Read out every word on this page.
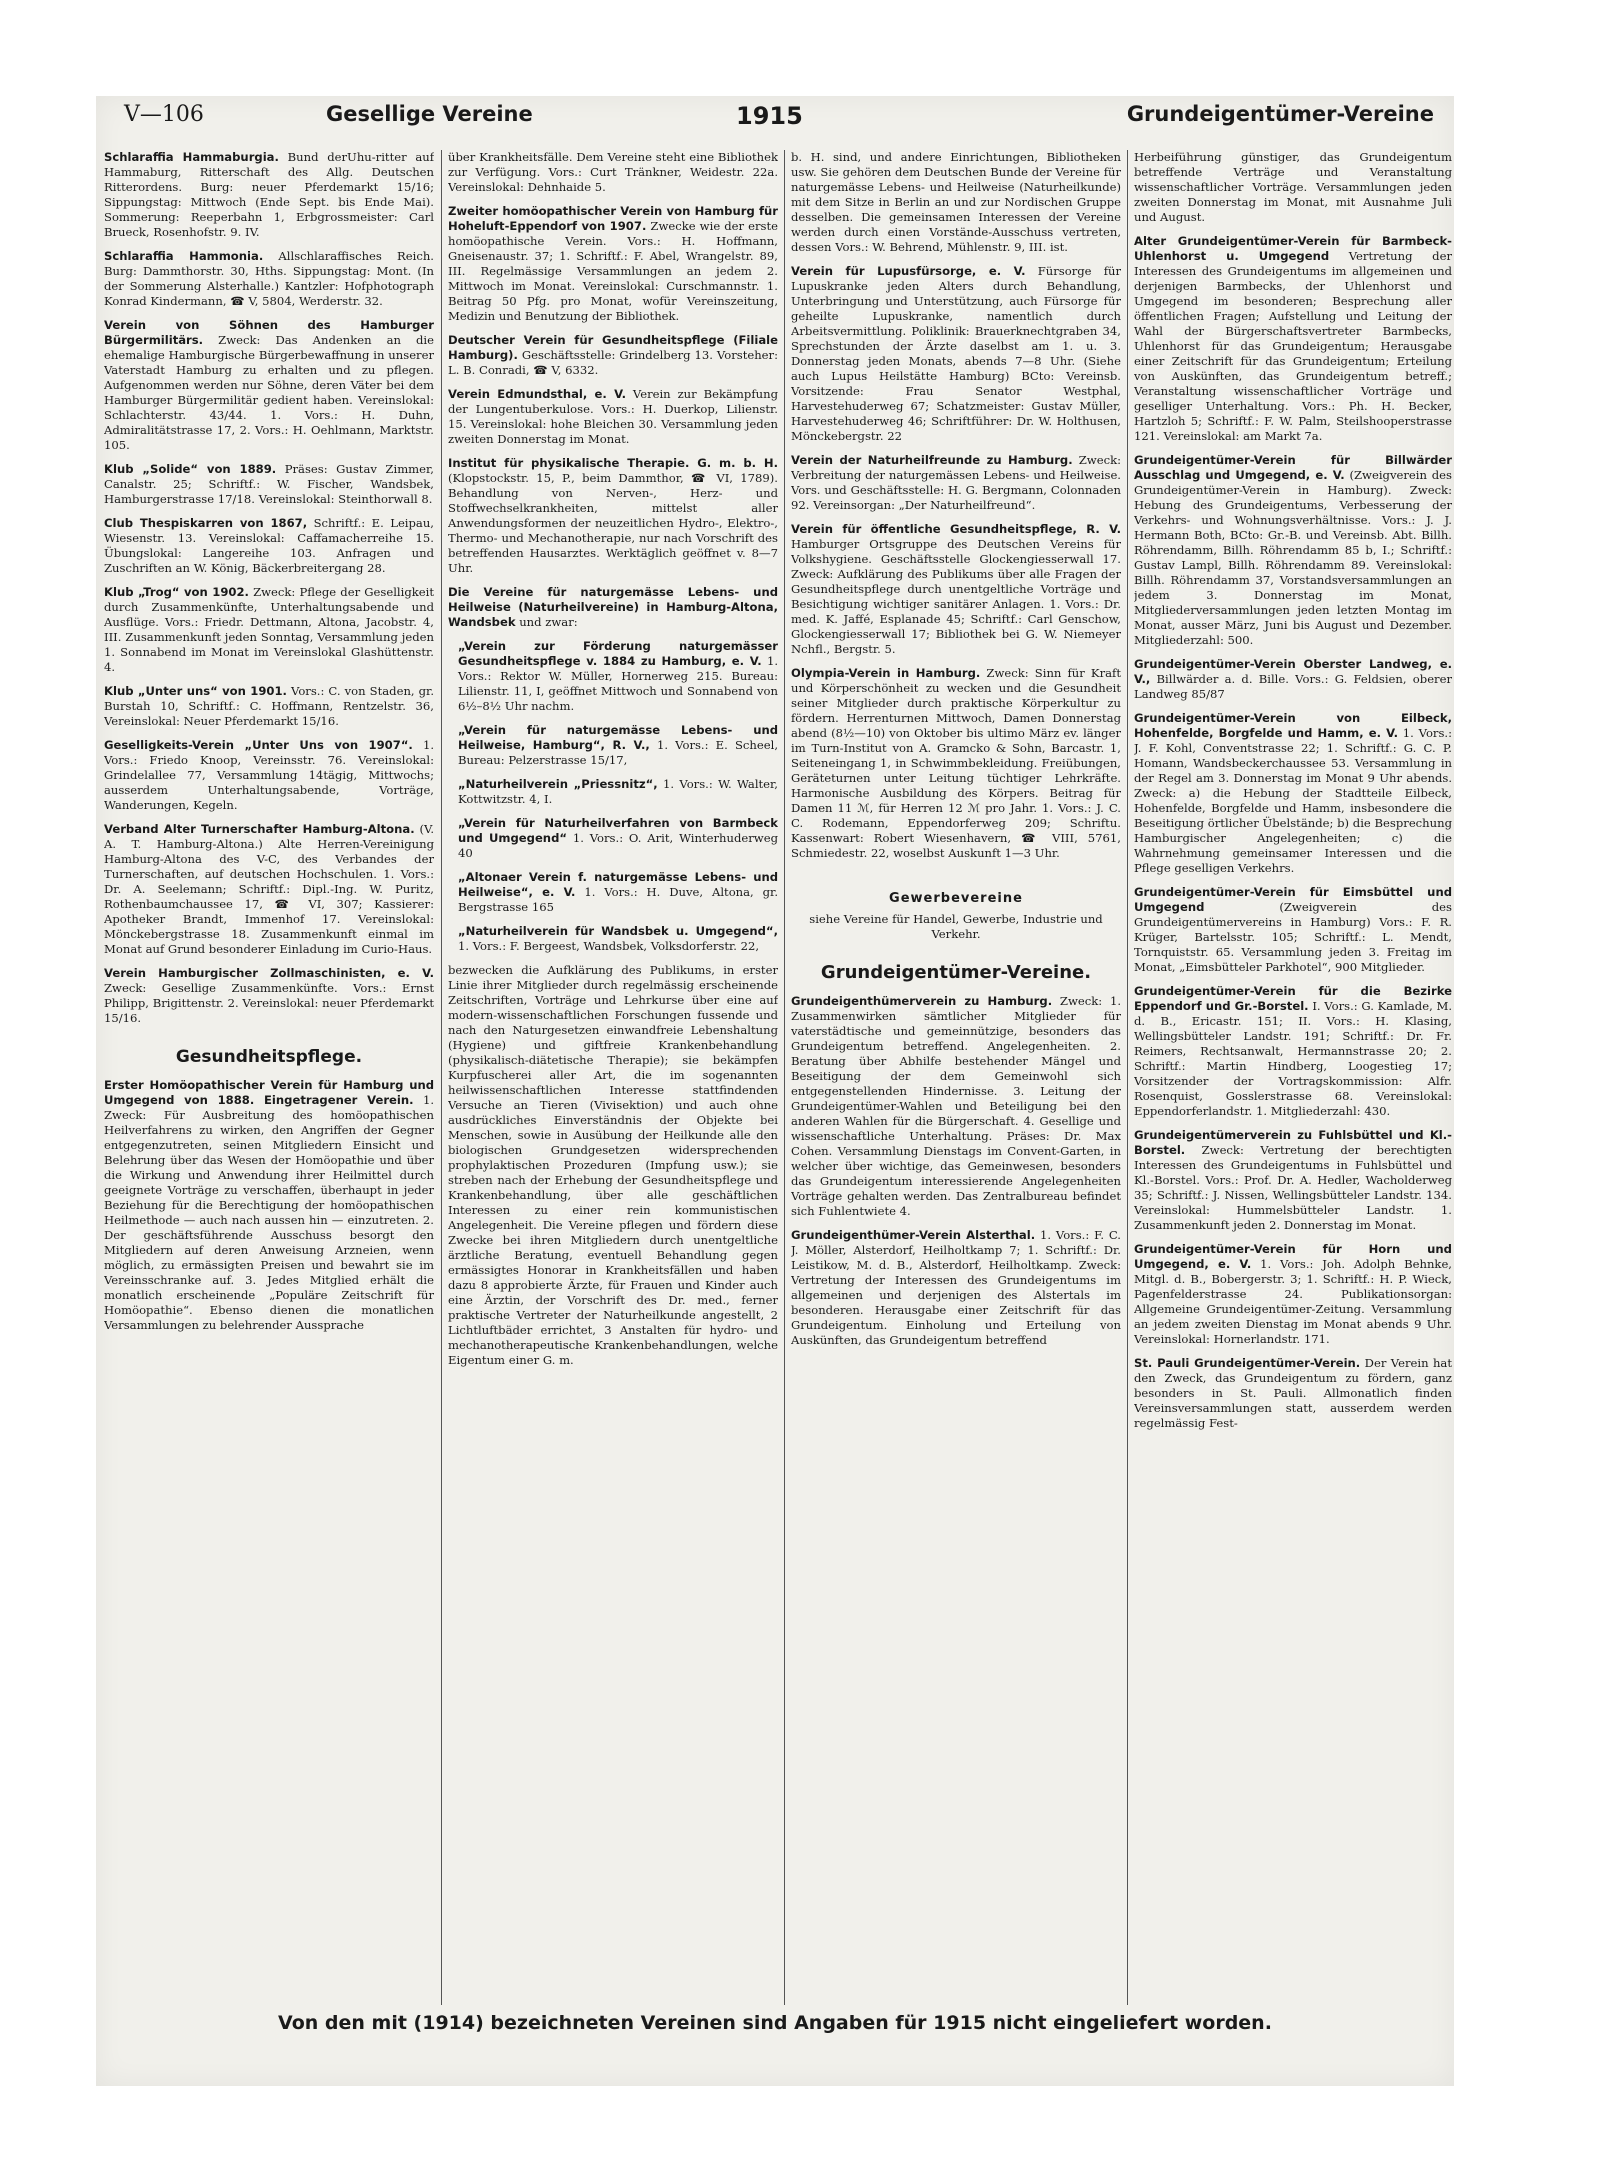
V—106	Gesellige Vereine	1915	Grundeigentümer-Vereine
Schlaraffia Hammaburgia. Bund derUhu-ritter auf Hammaburg, Ritterschaft des Allg. Deutschen Ritterordens. Burg: neuer Pferdemarkt 15/16; Sippungstag: Mittwoch (Ende Sept. bis Ende Mai). Sommerung: Reeperbahn 1, Erbgrossmeister: Carl Brueck, Rosenhofstr. 9. IV.
Schlaraffia Hammonia. Allschlaraffisches Reich. Burg: Dammthorstr. 30, Hths. Sippungstag: Mont. (In der Sommerung Alsterhalle.) Kantzler: Hofphotograph Konrad Kindermann, ☎ V, 5804, Werderstr. 32.
Verein von Söhnen des Hamburger Bürgermilitärs. Zweck: Das Andenken an die ehemalige Hamburgische Bürgerbewaffnung in unserer Vaterstadt Hamburg zu erhalten und zu pflegen. Aufgenommen werden nur Söhne, deren Väter bei dem Hamburger Bürgermilitär gedient haben. Vereinslokal: Schlachterstr. 43/44. 1. Vors.: H. Duhn, Admiralitätstrasse 17, 2. Vors.: H. Oehlmann, Marktstr. 105.
Klub „Solide“ von 1889. Präses: Gustav Zimmer, Canalstr. 25; Schriftf.: W. Fischer, Wandsbek, Hamburgerstrasse 17/18. Vereinslokal: Steinthorwall 8.
Club Thespiskarren von 1867, Schriftf.: E. Leipau, Wiesenstr. 13. Vereinslokal: Caffamacherreihe 15. Übungslokal: Langereihe 103. Anfragen und Zuschriften an W. König, Bäckerbreitergang 28.
Klub „Trog“ von 1902. Zweck: Pflege der Geselligkeit durch Zusammenkünfte, Unterhaltungsabende und Ausflüge. Vors.: Friedr. Dettmann, Altona, Jacobstr. 4, III. Zusammenkunft jeden Sonntag, Versammlung jeden 1. Sonnabend im Monat im Vereinslokal Glashüttenstr. 4.
Klub „Unter uns“ von 1901. Vors.: C. von Staden, gr. Burstah 10, Schriftf.: C. Hoffmann, Rentzelstr. 36, Vereinslokal: Neuer Pferdemarkt 15/16.
Geselligkeits-Verein „Unter Uns von 1907“. 1. Vors.: Friedo Knoop, Vereinsstr. 76. Vereinslokal: Grindelallee 77, Versammlung 14tägig, Mittwochs; ausserdem Unterhaltungsabende, Vorträge, Wanderungen, Kegeln.
Verband Alter Turnerschafter Hamburg-Altona. (V. A. T. Hamburg-Altona.) Alte Herren-Vereinigung Hamburg-Altona des V-C, des Verbandes der Turnerschaften, auf deutschen Hochschulen. 1. Vors.: Dr. A. Seelemann; Schriftf.: Dipl.-Ing. W. Puritz, Rothenbaumchaussee 17, ☎ VI, 307; Kassierer: Apotheker Brandt, Immenhof 17. Vereinslokal: Mönckebergstrasse 18. Zusammenkunft einmal im Monat auf Grund besonderer Einladung im Curio-Haus.
Verein Hamburgischer Zollmaschinisten, e. V. Zweck: Gesellige Zusammenkünfte. Vors.: Ernst Philipp, Brigittenstr. 2. Vereinslokal: neuer Pferdemarkt 15/16.
Gesundheitspflege.
Erster Homöopathischer Verein für Hamburg und Umgegend von 1888. Eingetragener Verein. 1. Zweck: Für Ausbreitung des homöopathischen Heilverfahrens zu wirken, den Angriffen der Gegner entgegenzutreten, seinen Mitgliedern Einsicht und Belehrung über das Wesen der Homöopathie und über die Wirkung und Anwendung ihrer Heilmittel durch geeignete Vorträge zu verschaffen, überhaupt in jeder Beziehung für die Berechtigung der homöopathischen Heilmethode — auch nach aussen hin — einzutreten. 2. Der geschäftsführende Ausschuss besorgt den Mitgliedern auf deren Anweisung Arzneien, wenn möglich, zu ermässigten Preisen und bewahrt sie im Vereinsschranke auf. 3. Jedes Mitglied erhält die monatlich erscheinende „Populäre Zeitschrift für Homöopathie“. Ebenso dienen die monatlichen Versammlungen zu belehrender Aussprache
über Krankheitsfälle. Dem Vereine steht eine Bibliothek zur Verfügung. Vors.: Curt Tränkner, Weidestr. 22a. Vereinslokal: Dehnhaide 5.
Zweiter homöopathischer Verein von Hamburg für Hoheluft-Eppendorf von 1907. Zwecke wie der erste homöopathische Verein. Vors.: H. Hoffmann, Gneisenaustr. 37; 1. Schriftf.: F. Abel, Wrangelstr. 89, III. Regelmässige Versammlungen an jedem 2. Mittwoch im Monat. Vereinslokal: Curschmannstr. 1. Beitrag 50 Pfg. pro Monat, wofür Vereinszeitung, Medizin und Benutzung der Bibliothek.
Deutscher Verein für Gesundheitspflege (Filiale Hamburg). Geschäftsstelle: Grindelberg 13. Vorsteher: L. B. Conradi, ☎ V, 6332.
Verein Edmundsthal, e. V. Verein zur Bekämpfung der Lungentuberkulose. Vors.: H. Duerkop, Lilienstr. 15. Vereinslokal: hohe Bleichen 30. Versammlung jeden zweiten Donnerstag im Monat.
Institut für physikalische Therapie. G. m. b. H. (Klopstockstr. 15, P., beim Dammthor, ☎ VI, 1789). Behandlung von Nerven-, Herz- und Stoffwechselkrankheiten, mittelst aller Anwendungsformen der neuzeitlichen Hydro-, Elektro-, Thermo- und Mechanotherapie, nur nach Vorschrift des betreffenden Hausarztes. Werktäglich geöffnet v. 8—7 Uhr.
Die Vereine für naturgemässe Lebens- und Heilweise (Naturheilvereine) in Hamburg-Altona, Wandsbek und zwar:
„Verein zur Förderung naturgemässer Gesundheitspflege v. 1884 zu Hamburg, e. V. 1. Vors.: Rektor W. Müller, Hornerweg 215. Bureau: Lilienstr. 11, I, geöffnet Mittwoch und Sonnabend von 6½–8½ Uhr nachm.
„Verein für naturgemässe Lebens- und Heilweise, Hamburg“, R. V., 1. Vors.: E. Scheel, Bureau: Pelzerstrasse 15/17,
„Naturheilverein „Priessnitz“, 1. Vors.: W. Walter, Kottwitzstr. 4, I.
„Verein für Naturheilverfahren von Barmbeck und Umgegend“ 1. Vors.: O. Arit, Winterhuderweg 40
„Altonaer Verein f. naturgemässe Lebens- und Heilweise“, e. V. 1. Vors.: H. Duve, Altona, gr. Bergstrasse 165
„Naturheilverein für Wandsbek u. Umgegend“, 1. Vors.: F. Bergeest, Wandsbek, Volksdorferstr. 22,
bezwecken die Aufklärung des Publikums, in erster Linie ihrer Mitglieder durch regelmässig erscheinende Zeitschriften, Vorträge und Lehrkurse über eine auf modern-wissenschaftlichen Forschungen fussende und nach den Naturgesetzen einwandfreie Lebenshaltung (Hygiene) und giftfreie Krankenbehandlung (physikalisch-diätetische Therapie); sie bekämpfen Kurpfuscherei aller Art, die im sogenannten heilwissenschaftlichen Interesse stattfindenden Versuche an Tieren (Vivisektion) und auch ohne ausdrückliches Einverständnis der Objekte bei Menschen, sowie in Ausübung der Heilkunde alle den biologischen Grundgesetzen widersprechenden prophylaktischen Prozeduren (Impfung usw.); sie streben nach der Erhebung der Gesundheitspflege und Krankenbehandlung, über alle geschäftlichen Interessen zu einer rein kommunistischen Angelegenheit. Die Vereine pflegen und fördern diese Zwecke bei ihren Mitgliedern durch unentgeltliche ärztliche Beratung, eventuell Behandlung gegen ermässigtes Honorar in Krankheitsfällen und haben dazu 8 approbierte Ärzte, für Frauen und Kinder auch eine Ärztin, der Vorschrift des Dr. med., ferner praktische Vertreter der Naturheilkunde angestellt, 2 Lichtluftbäder errichtet, 3 Anstalten für hydro- und mechanotherapeutische Krankenbehandlungen, welche Eigentum einer G. m.
b. H. sind, und andere Einrichtungen, Bibliotheken usw. Sie gehören dem Deutschen Bunde der Vereine für naturgemässe Lebens- und Heilweise (Naturheilkunde) mit dem Sitze in Berlin an und zur Nordischen Gruppe desselben. Die gemeinsamen Interessen der Vereine werden durch einen Vorstände-Ausschuss vertreten, dessen Vors.: W. Behrend, Mühlenstr. 9, III. ist.
Verein für Lupusfürsorge, e. V. Fürsorge für Lupuskranke jeden Alters durch Behandlung, Unterbringung und Unterstützung, auch Fürsorge für geheilte Lupuskranke, namentlich durch Arbeitsvermittlung. Poliklinik: Brauerknechtgraben 34, Sprechstunden der Ärzte daselbst am 1. u. 3. Donnerstag jeden Monats, abends 7—8 Uhr. (Siehe auch Lupus Heilstätte Hamburg) BCto: Vereinsb. Vorsitzende: Frau Senator Westphal, Harvestehuderweg 67; Schatzmeister: Gustav Müller, Harvestehuderweg 46; Schriftführer: Dr. W. Holthusen, Mönckebergstr. 22
Verein der Naturheilfreunde zu Hamburg. Zweck: Verbreitung der naturgemässen Lebens- und Heilweise. Vors. und Geschäftsstelle: H. G. Bergmann, Colonnaden 92. Vereinsorgan: „Der Naturheilfreund“.
Verein für öffentliche Gesundheitspflege, R. V. Hamburger Ortsgruppe des Deutschen Vereins für Volkshygiene. Geschäftsstelle Glockengiesserwall 17. Zweck: Aufklärung des Publikums über alle Fragen der Gesundheitspflege durch unentgeltliche Vorträge und Besichtigung wichtiger sanitärer Anlagen. 1. Vors.: Dr. med. K. Jaffé, Esplanade 45; Schriftf.: Carl Genschow, Glockengiesserwall 17; Bibliothek bei G. W. Niemeyer Nchfl., Bergstr. 5.
Olympia-Verein in Hamburg. Zweck: Sinn für Kraft und Körperschönheit zu wecken und die Gesundheit seiner Mitglieder durch praktische Körperkultur zu fördern. Herrenturnen Mittwoch, Damen Donnerstag abend (8½—10) von Oktober bis ultimo März ev. länger im Turn-Institut von A. Gramcko & Sohn, Barcastr. 1, Seiteneingang 1, in Schwimmbekleidung. Freiübungen, Geräteturnen unter Leitung tüchtiger Lehrkräfte. Harmonische Ausbildung des Körpers. Beitrag für Damen 11 ℳ, für Herren 12 ℳ pro Jahr. 1. Vors.: J. C. C. Rodemann, Eppendorferweg 209; Schriftu. Kassenwart: Robert Wiesenhavern, ☎ VIII, 5761, Schmiedestr. 22, woselbst Auskunft 1—3 Uhr.
Gewerbevereine
siehe Vereine für Handel, Gewerbe, Industrie und Verkehr.
Grundeigentümer-Vereine.
Grundeigenthümerverein zu Hamburg. Zweck: 1. Zusammenwirken sämtlicher Mitglieder für vaterstädtische und gemeinnützige, besonders das Grundeigentum betreffend. Angelegenheiten. 2. Beratung über Abhilfe bestehender Mängel und Beseitigung der dem Gemeinwohl sich entgegenstellenden Hindernisse. 3. Leitung der Grundeigentümer-Wahlen und Beteiligung bei den anderen Wahlen für die Bürgerschaft. 4. Gesellige und wissenschaftliche Unterhaltung. Präses: Dr. Max Cohen. Versammlung Dienstags im Convent-Garten, in welcher über wichtige, das Gemeinwesen, besonders das Grundeigentum interessierende Angelegenheiten Vorträge gehalten werden. Das Zentralbureau befindet sich Fuhlentwiete 4.
Grundeigenthümer-Verein Alsterthal. 1. Vors.: F. C. J. Möller, Alsterdorf, Heilholtkamp 7; 1. Schriftf.: Dr. Leistikow, M. d. B., Alsterdorf, Heilholtkamp. Zweck: Vertretung der Interessen des Grundeigentums im allgemeinen und derjenigen des Alstertals im besonderen. Herausgabe einer Zeitschrift für das Grundeigentum. Einholung und Erteilung von Auskünften, das Grundeigentum betreffend
Herbeiführung günstiger, das Grundeigentum betreffende Verträge und Veranstaltung wissenschaftlicher Vorträge. Versammlungen jeden zweiten Donnerstag im Monat, mit Ausnahme Juli und August.
Alter Grundeigentümer-Verein für Barmbeck-Uhlenhorst u. Umgegend Vertretung der Interessen des Grundeigentums im allgemeinen und derjenigen Barmbecks, der Uhlenhorst und Umgegend im besonderen; Besprechung aller öffentlichen Fragen; Aufstellung und Leitung der Wahl der Bürgerschaftsvertreter Barmbecks, Uhlenhorst für das Grundeigentum; Herausgabe einer Zeitschrift für das Grundeigentum; Erteilung von Auskünften, das Grundeigentum betreff.; Veranstaltung wissenschaftlicher Vorträge und geselliger Unterhaltung. Vors.: Ph. H. Becker, Hartzloh 5; Schriftf.: F. W. Palm, Steilshooperstrasse 121. Vereinslokal: am Markt 7a.
Grundeigentümer-Verein für Billwärder Ausschlag und Umgegend, e. V. (Zweigverein des Grundeigentümer-Verein in Hamburg). Zweck: Hebung des Grundeigentums, Verbesserung der Verkehrs- und Wohnungsverhältnisse. Vors.: J. J. Hermann Both, BCto: Gr.-B. und Vereinsb. Abt. Billh. Röhrendamm, Billh. Röhrendamm 85 b, I.; Schriftf.: Gustav Lampl, Billh. Röhrendamm 89. Vereinslokal: Billh. Röhrendamm 37, Vorstandsversammlungen an jedem 3. Donnerstag im Monat, Mitgliederversammlungen jeden letzten Montag im Monat, ausser März, Juni bis August und Dezember. Mitgliederzahl: 500.
Grundeigentümer-Verein Oberster Landweg, e. V., Billwärder a. d. Bille. Vors.: G. Feldsien, oberer Landweg 85/87
Grundeigentümer-Verein von Eilbeck, Hohenfelde, Borgfelde und Hamm, e. V. 1. Vors.: J. F. Kohl, Conventstrasse 22; 1. Schriftf.: G. C. P. Homann, Wandsbeckerchaussee 53. Versammlung in der Regel am 3. Donnerstag im Monat 9 Uhr abends. Zweck: a) die Hebung der Stadtteile Eilbeck, Hohenfelde, Borgfelde und Hamm, insbesondere die Beseitigung örtlicher Übelstände; b) die Besprechung Hamburgischer Angelegenheiten; c) die Wahrnehmung gemeinsamer Interessen und die Pflege geselligen Verkehrs.
Grundeigentümer-Verein für Eimsbüttel und Umgegend	(Zweigverein des Grundeigentümervereins in Hamburg) Vors.: F. R. Krüger, Bartelsstr. 105; Schriftf.: L. Mendt, Tornquiststr. 65. Versammlung jeden 3. Freitag im Monat, „Eimsbütteler Parkhotel“, 900 Mitglieder.
Grundeigentümer-Verein für die Bezirke Eppendorf und Gr.-Borstel. I. Vors.: G. Kamlade, M. d. B., Ericastr. 151; II. Vors.: H. Klasing, Wellingsbütteler Landstr. 191; Schriftf.: Dr. Fr. Reimers, Rechtsanwalt, Hermannstrasse 20; 2. Schriftf.: Martin Hindberg, Loogestieg 17; Vorsitzender der Vortragskommission: Alfr. Rosenquist, Gosslerstrasse 68. Vereinslokal: Eppendorferlandstr. 1. Mitgliederzahl: 430.
Grundeigentümerverein zu Fuhlsbüttel und Kl.-Borstel. Zweck: Vertretung der berechtigten Interessen des Grundeigentums in Fuhlsbüttel und Kl.-Borstel. Vors.: Prof. Dr. A. Hedler, Wacholderweg 35; Schriftf.: J. Nissen, Wellingsbütteler Landstr. 134. Vereinslokal: Hummelsbütteler Landstr. 1. Zusammenkunft jeden 2. Donnerstag im Monat.
Grundeigentümer-Verein für Horn und Umgegend, e. V. 1. Vors.: Joh. Adolph Behnke, Mitgl. d. B., Bobergerstr. 3; 1. Schriftf.: H. P. Wieck, Pagenfelderstrasse 24. Publikationsorgan: Allgemeine Grundeigentümer-Zeitung. Versammlung an jedem zweiten Dienstag im Monat abends 9 Uhr. Vereinslokal: Hornerlandstr. 171.
St. Pauli Grundeigentümer-Verein. Der Verein hat den Zweck, das Grundeigentum zu fördern, ganz besonders in St. Pauli. Allmonatlich finden Vereinsversammlungen statt, ausserdem werden regelmässig Fest-
Von den mit (1914) bezeichneten Vereinen sind Angaben für 1915 nicht eingeliefert worden.
